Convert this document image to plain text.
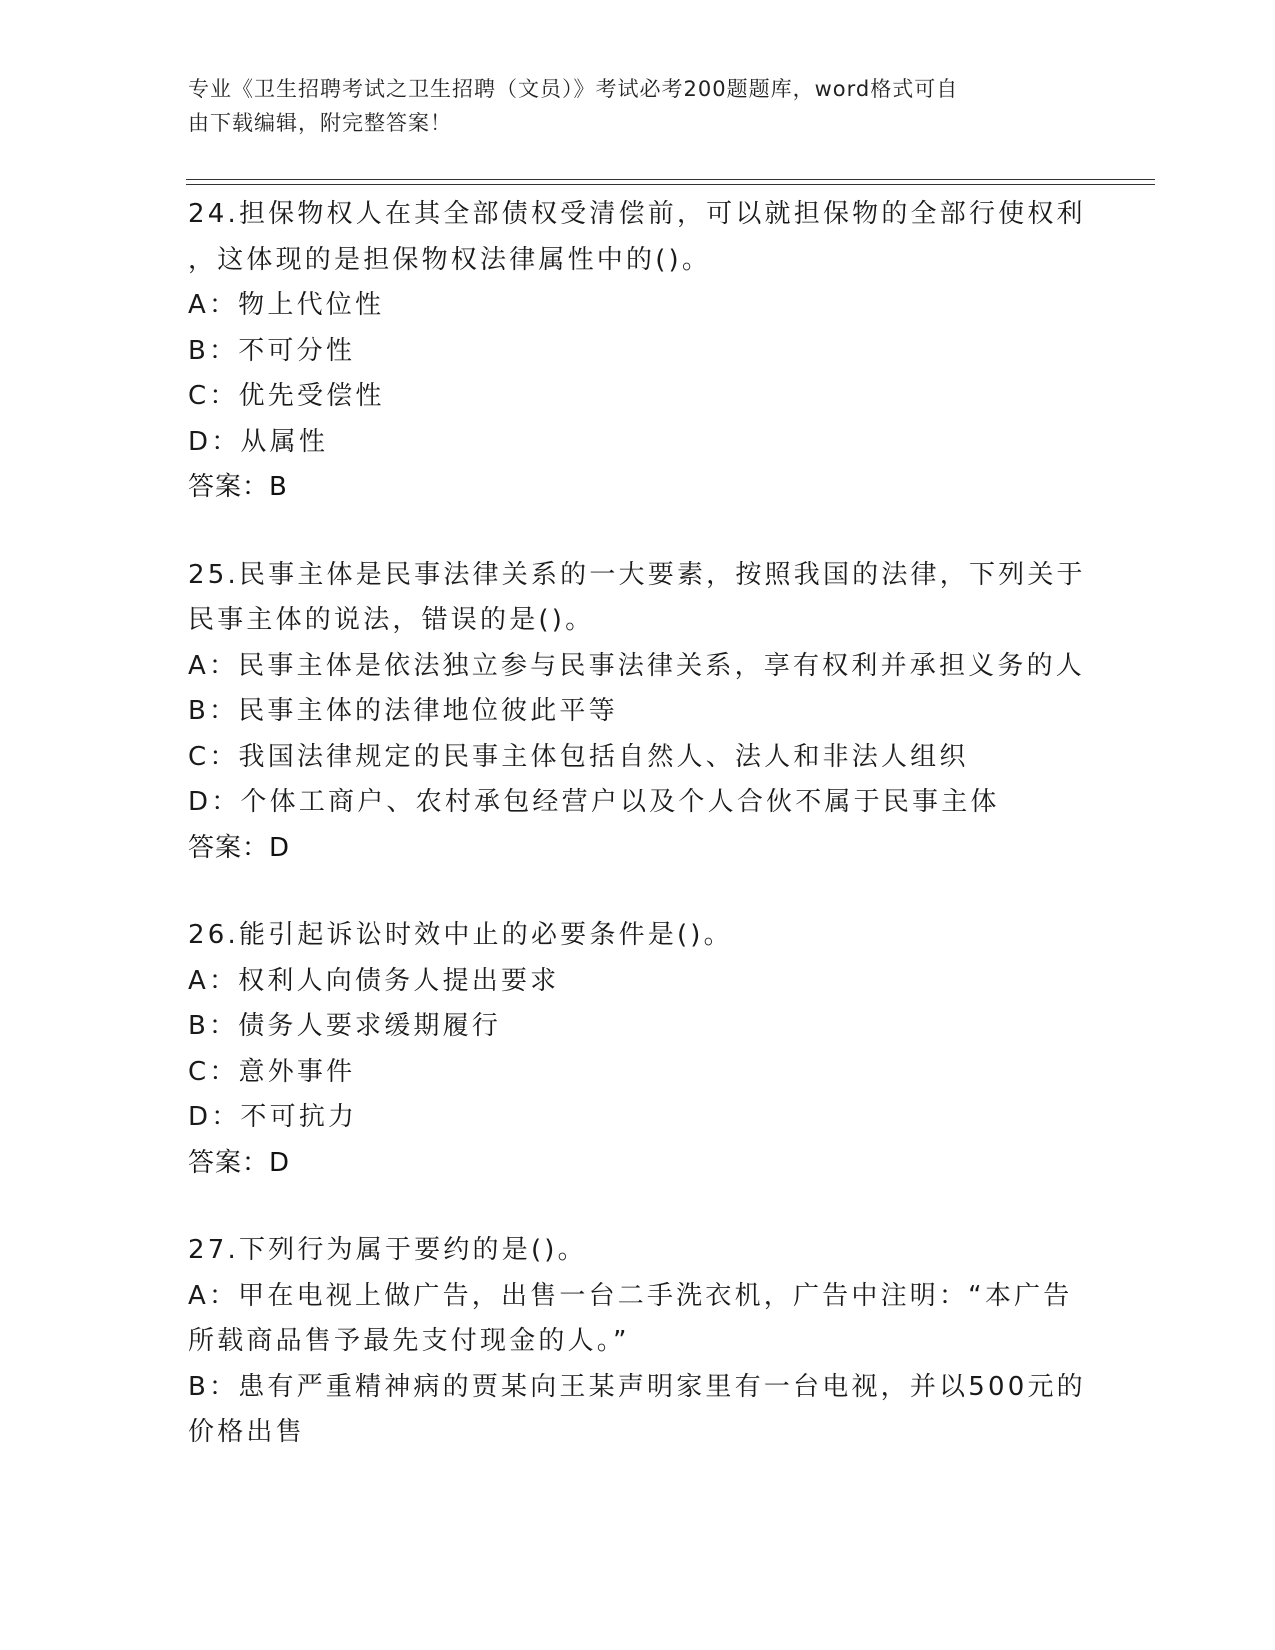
专业《卫生招聘考试之卫生招聘（文员）》考试必考200题题库，word格式可自
由下载编辑，附完整答案！
24.担保物权人在其全部债权受清偿前，可以就担保物的全部行使权利
，这体现的是担保物权法律属性中的()。
A：物上代位性
B：不可分性
C：优先受偿性
D：从属性
答案：B
25.民事主体是民事法律关系的一大要素，按照我国的法律，下列关于
民事主体的说法，错误的是()。
A：民事主体是依法独立参与民事法律关系，享有权利并承担义务的人
B：民事主体的法律地位彼此平等
C：我国法律规定的民事主体包括自然人、法人和非法人组织
D：个体工商户、农村承包经营户以及个人合伙不属于民事主体
答案：D
26.能引起诉讼时效中止的必要条件是()。
A：权利人向债务人提出要求
B：债务人要求缓期履行
C：意外事件
D：不可抗力
答案：D
27.下列行为属于要约的是()。
A：甲在电视上做广告，出售一台二手洗衣机，广告中注明：“本广告
所载商品售予最先支付现金的人。”
B：患有严重精神病的贾某向王某声明家里有一台电视，并以500元的
价格出售
